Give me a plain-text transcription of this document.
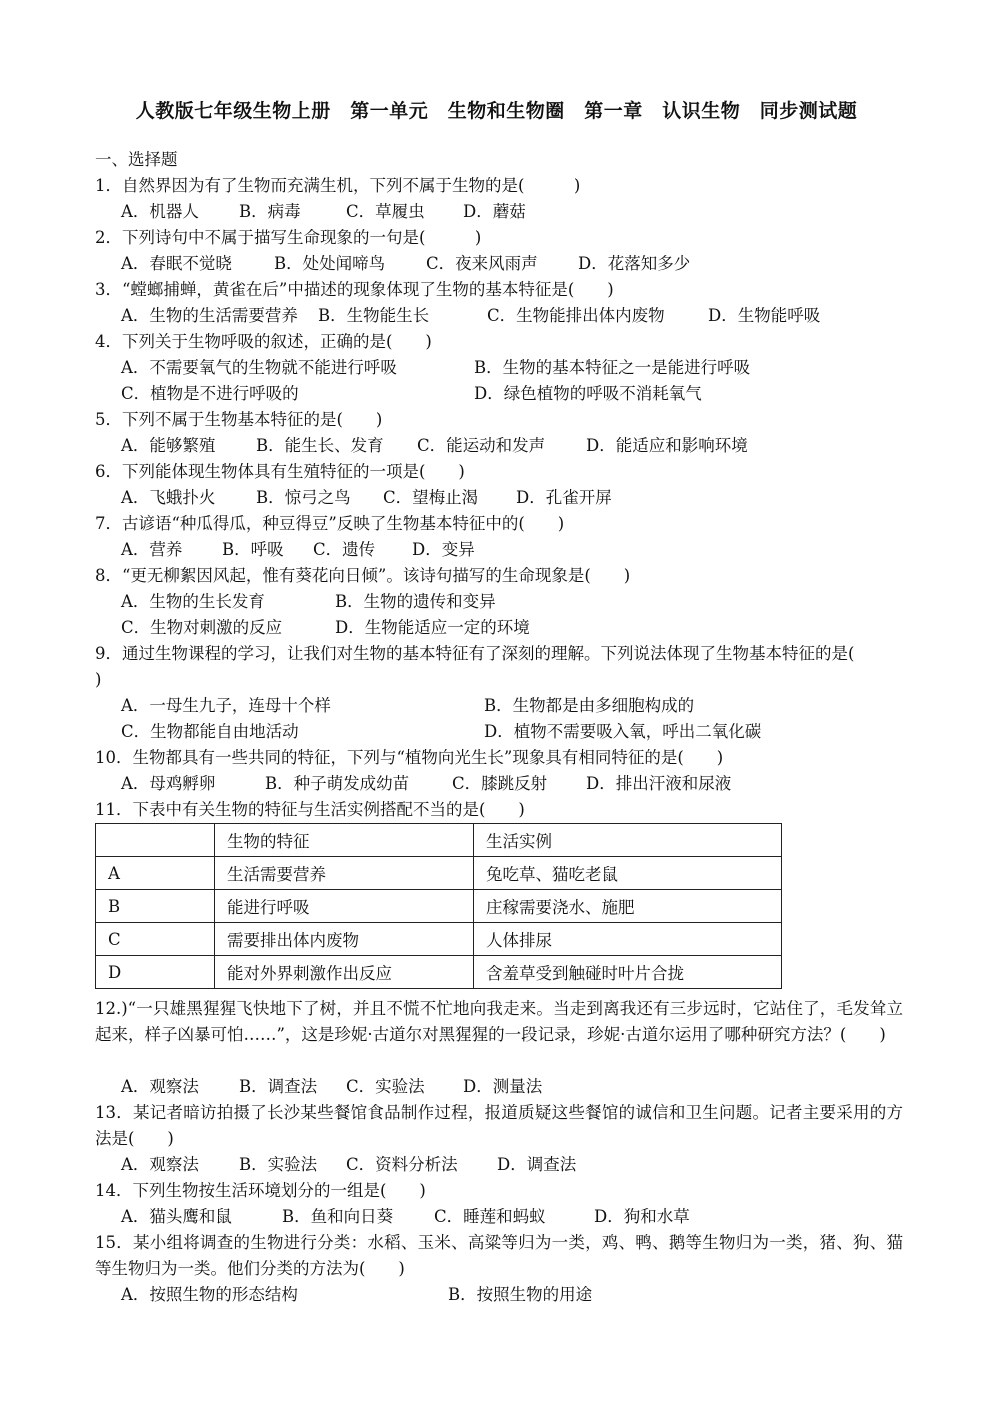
人教版七年级生物上册　第一单元　生物和生物圈　第一章　认识生物　同步测试题
一、选择题
1．自然界因为有了生物而充满生机，下列不属于生物的是(　　　)
A．机器人 B．病毒	C．草履虫 D．蘑菇
2．下列诗句中不属于描写生命现象的一句是(　　　)
A．春眠不觉晓	B．处处闻啼鸟 C．夜来风雨声 D．花落知多少
3．“螳螂捕蝉，黄雀在后”中描述的现象体现了生物的基本特征是(　　)
A．生物的生活需要营养 B．生物能生长	C．生物能排出体内废物	D．生物能呼吸
4．下列关于生物呼吸的叙述，正确的是(　　)
A．不需要氧气的生物就不能进行呼吸	B．生物的基本特征之一是能进行呼吸
C．植物是不进行呼吸的	D．绿色植物的呼吸不消耗氧气
5．下列不属于生物基本特征的是(　　)
A．能够繁殖 B．能生长、发育 C．能运动和发声 D．能适应和影响环境
6．下列能体现生物体具有生殖特征的一项是(　　)
A．飞蛾扑火 B．惊弓之鸟 C．望梅止渴 D．孔雀开屏
7．古谚语“种瓜得瓜，种豆得豆”反映了生物基本特征中的(　　)
A．营养 B．呼吸 C．遗传 D．变异
8．“更无柳絮因风起，惟有葵花向日倾”。该诗句描写的生命现象是(　　)
A．生物的生长发育	B．生物的遗传和变异
C．生物对刺激的反应	D．生物能适应一定的环境
9．通过生物课程的学习，让我们对生物的基本特征有了深刻的理解。下列说法体现了生物基本特征的是(
)
A．一母生九子，连母十个样	B．生物都是由多细胞构成的
C．生物都能自由地活动	D．植物不需要吸入氧，呼出二氧化碳
10．生物都具有一些共同的特征，下列与“植物向光生长”现象具有相同特征的是(　　)
A．母鸡孵卵	B．种子萌发成幼苗	C．膝跳反射 D．排出汗液和尿液
11．下表中有关生物的特征与生活实例搭配不当的是(　　)
	生物的特征	生活实例
A	生活需要营养	兔吃草、猫吃老鼠
B	能进行呼吸	庄稼需要浇水、施肥
C	需要排出体内废物	人体排尿
D	能对外界刺激作出反应	含羞草受到触碰时叶片合拢
12.)“一只雄黑猩猩飞快地下了树，并且不慌不忙地向我走来。当走到离我还有三步远时，它站住了，毛发耸立起来，样子凶暴可怕……”，这是珍妮·古道尔对黑猩猩的一段记录，珍妮·古道尔运用了哪种研究方法？(　　)
A．观察法 B．调查法 C．实验法 D．测量法
13．某记者暗访拍摄了长沙某些餐馆食品制作过程，报道质疑这些餐馆的诚信和卫生问题。记者主要采用的方法是(　　)
A．观察法 B．实验法 C．资料分析法 D．调查法
14．下列生物按生活环境划分的一组是(　　)
A．猫头鹰和鼠	B．鱼和向日葵 C．睡莲和蚂蚁	D．狗和水草
15．某小组将调查的生物进行分类：水稻、玉米、高粱等归为一类，鸡、鸭、鹅等生物归为一类，猪、狗、猫等生物归为一类。他们分类的方法为(　　)
A．按照生物的形态结构	B．按照生物的用途
